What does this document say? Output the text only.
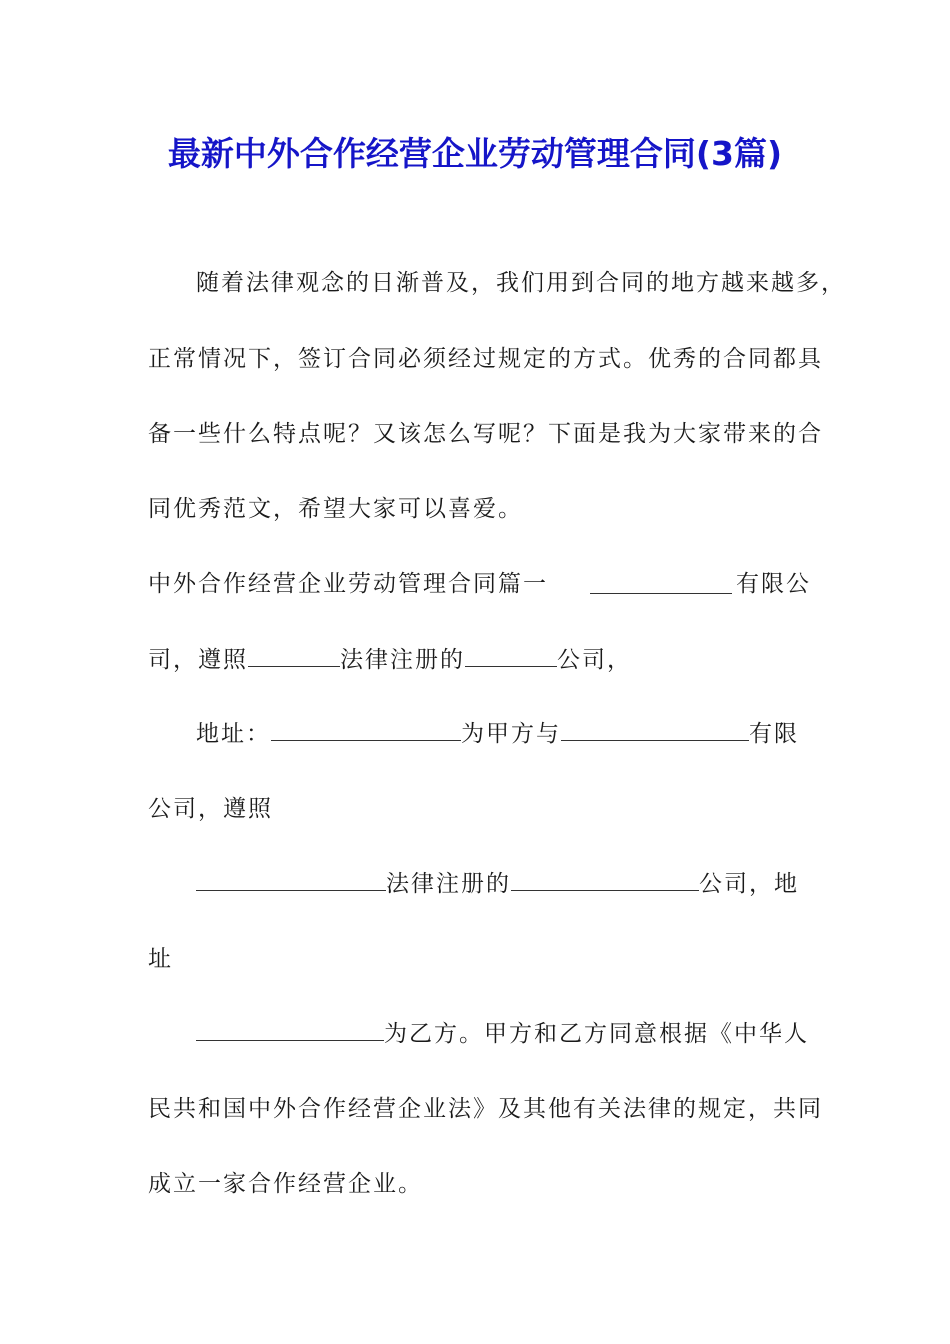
最新中外合作经营企业劳动管理合同(3篇)
随着法律观念的日渐普及，我们用到合同的地方越来越多，
正常情况下，签订合同必须经过规定的方式。优秀的合同都具
备一些什么特点呢？又该怎么写呢？下面是我为大家带来的合
同优秀范文，希望大家可以喜爱。
中外合作经营企业劳动管理合同篇一	有限公
司，遵照	法律注册的	公司，
地址：	为甲方与	有限
公司，遵照
法律注册的	公司，地
址
为乙方。甲方和乙方同意根据《中华人
民共和国中外合作经营企业法》及其他有关法律的规定，共同
成立一家合作经营企业。
